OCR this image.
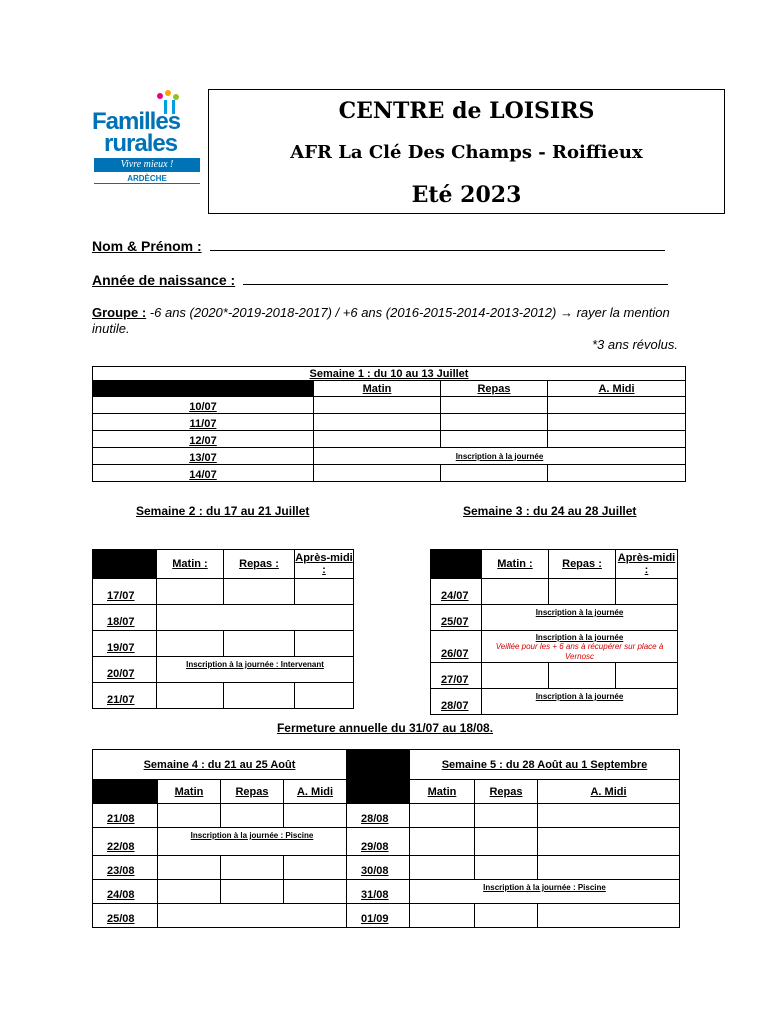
Familles
rurales
Vivre mieux !
ARDÈCHE
CENTRE de LOISIRS
AFR La Clé Des Champs - Roiffieux
Eté 2023
Nom & Prénom :
Année de naissance :
Groupe : -6 ans (2020*-2019-2018-2017) / +6 ans (2016-2015-2014-2013-2012) → rayer la mention inutile.
*3 ans révolus.
Semaine 1 : du 10 au 13 Juillet			
	Matin	Repas	A. Midi
10/07			
11/07			
12/07			
13/07	Inscription à la journée		

14/07			
Semaine 2 : du 17 au 21 Juillet	Semaine 3 : du 24 au 28 Juillet
	Matin :	Repas :	Après-midi :
17/07			
18/07			
19/07			
20/07	Inscription à la journée : Intervenant		

21/07			
	Matin :	Repas :	Après-midi :
24/07			
25/07	Inscription à la journée		

26/07	Inscription à la journée
Veillée pour les + 6 ans à récupérer sur place à Vernosc		

27/07			
28/07	Inscription à la journée		
Fermeture annuelle du 31/07 au 18/08.
Semaine 4 : du 21 au 25 Août					Semaine 5 : du 28 Août au 1 Septembre		
	Matin	Repas	A. Midi		Matin	Repas	A. Midi
21/08				28/08			
22/08	Inscription à la journée : Piscine			29/08			
23/08				30/08			
24/08				31/08	Inscription à la journée : Piscine		

25/08				01/09			
